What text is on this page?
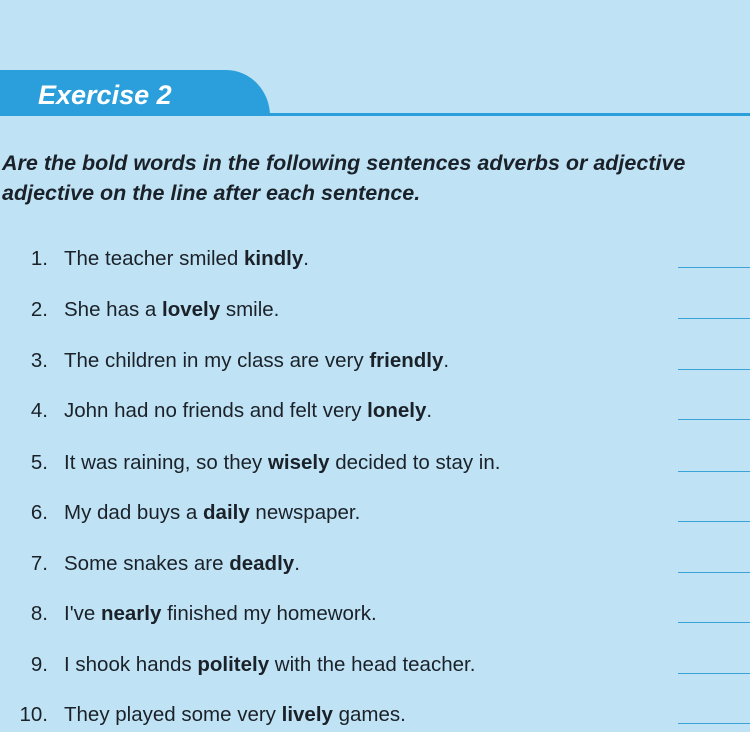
Exercise 2
Are the bold words in the following sentences adverbs or adjective
adjective on the line after each sentence.
1. The teacher smiled kindly.
2. She has a lovely smile.
3. The children in my class are very friendly.
4. John had no friends and felt very lonely.
5. It was raining, so they wisely decided to stay in.
6. My dad buys a daily newspaper.
7. Some snakes are deadly.
8. I've nearly finished my homework.
9. I shook hands politely with the head teacher.
10. They played some very lively games.
